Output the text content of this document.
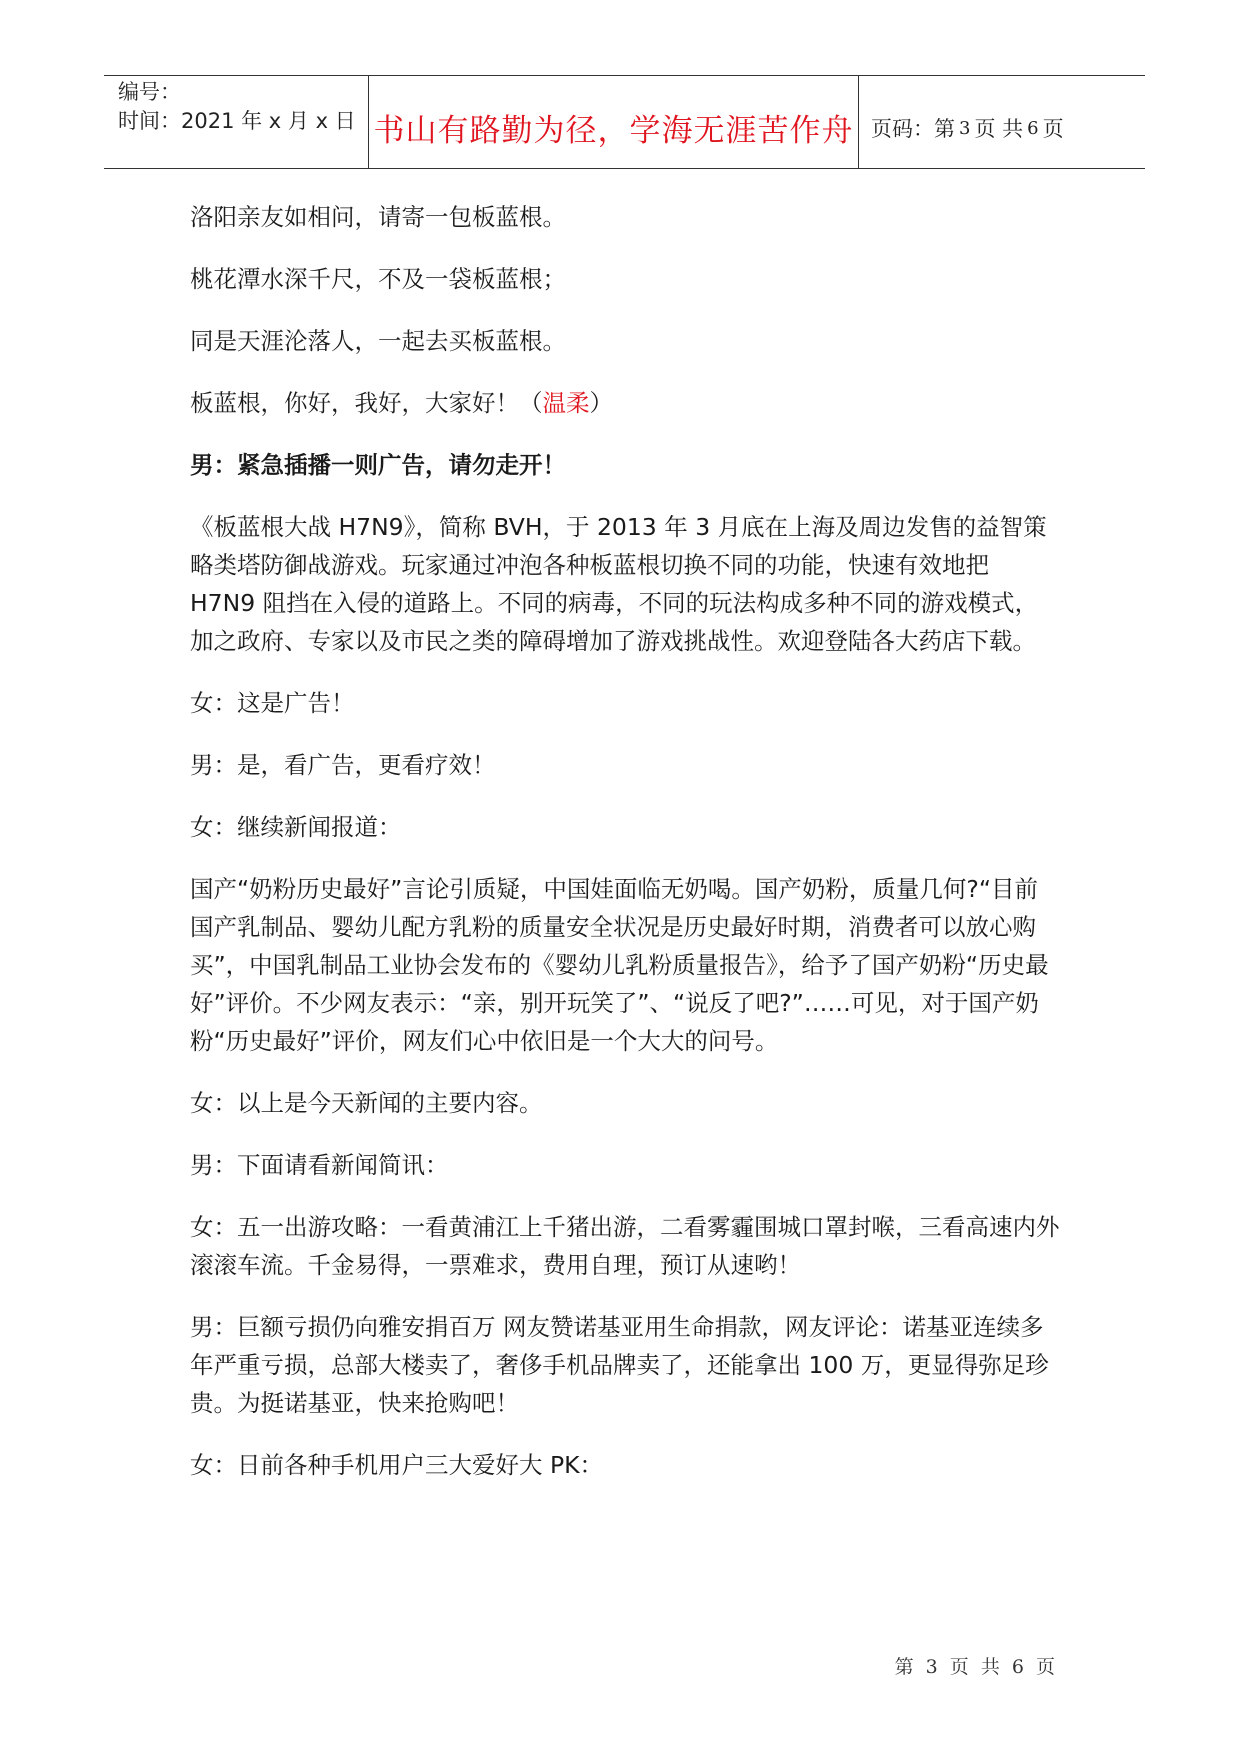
编号：
时间：2021 年 x 月 x 日 书山有路勤为径，学海无涯苦作舟 页码：第 3 页 共 6 页

洛阳亲友如相问，请寄一包板蓝根。

桃花潭水深千尺，不及一袋板蓝根；

同是天涯沦落人，一起去买板蓝根。

板蓝根，你好，我好，大家好！（温柔）

男：紧急插播一则广告，请勿走开！

《板蓝根大战 H7N9》，简称 BVH，于 2013 年 3 月底在上海及周边发售的益智策略类塔防御战游戏。玩家通过冲泡各种板蓝根切换不同的功能，快速有效地把 H7N9 阻挡在入侵的道路上。不同的病毒，不同的玩法构成多种不同的游戏模式，加之政府、专家以及市民之类的障碍增加了游戏挑战性。欢迎登陆各大药店下载。

女：这是广告！

男：是，看广告，更看疗效！

女：继续新闻报道：

国产“奶粉历史最好”言论引质疑，中国娃面临无奶喝。国产奶粉，质量几何?“目前国产乳制品、婴幼儿配方乳粉的质量安全状况是历史最好时期，消费者可以放心购买”，中国乳制品工业协会发布的《婴幼儿乳粉质量报告》，给予了国产奶粉“历史最好”评价。不少网友表示：“亲，别开玩笑了”、“说反了吧?”……可见，对于国产奶粉“历史最好”评价，网友们心中依旧是一个大大的问号。

女：以上是今天新闻的主要内容。

男：下面请看新闻简讯：

女：五一出游攻略：一看黄浦江上千猪出游，二看雾霾围城口罩封喉，三看高速内外滚滚车流。千金易得，一票难求，费用自理，预订从速哟！

男：巨额亏损仍向雅安捐百万 网友赞诺基亚用生命捐款，网友评论：诺基亚连续多年严重亏损，总部大楼卖了，奢侈手机品牌卖了，还能拿出 100 万，更显得弥足珍贵。为挺诺基亚，快来抢购吧！

女：日前各种手机用户三大爱好大 PK：

第 3 页 共 6 页
